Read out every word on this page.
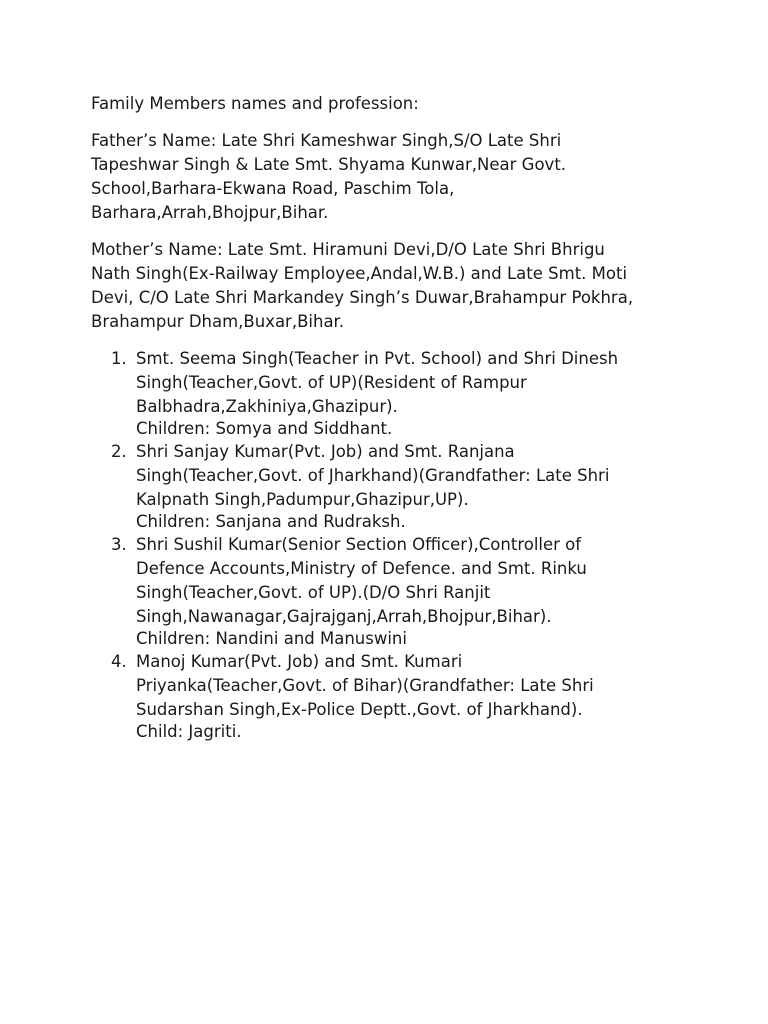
Family Members names and profession:

Father’s Name: Late Shri Kameshwar Singh,S/O Late Shri
Tapeshwar Singh & Late Smt. Shyama Kunwar,Near Govt.
School,Barhara-Ekwana Road, Paschim Tola,
Barhara,Arrah,Bhojpur,Bihar.

Mother’s Name: Late Smt. Hiramuni Devi,D/O Late Shri Bhrigu
Nath Singh(Ex-Railway Employee,Andal,W.B.) and Late Smt. Moti
Devi, C/O Late Shri Markandey Singh’s Duwar,Brahampur Pokhra,
Brahampur Dham,Buxar,Bihar.

1. Smt. Seema Singh(Teacher in Pvt. School) and Shri Dinesh
Singh(Teacher,Govt. of UP)(Resident of Rampur
Balbhadra,Zakhiniya,Ghazipur).
Children: Somya and Siddhant.
2. Shri Sanjay Kumar(Pvt. Job) and Smt. Ranjana
Singh(Teacher,Govt. of Jharkhand)(Grandfather: Late Shri
Kalpnath Singh,Padumpur,Ghazipur,UP).
Children: Sanjana and Rudraksh.
3. Shri Sushil Kumar(Senior Section Officer),Controller of
Defence Accounts,Ministry of Defence. and Smt. Rinku
Singh(Teacher,Govt. of UP).(D/O Shri Ranjit
Singh,Nawanagar,Gajrajganj,Arrah,Bhojpur,Bihar).
Children: Nandini and Manuswini
4. Manoj Kumar(Pvt. Job) and Smt. Kumari
Priyanka(Teacher,Govt. of Bihar)(Grandfather: Late Shri
Sudarshan Singh,Ex-Police Deptt.,Govt. of Jharkhand).
Child: Jagriti.
